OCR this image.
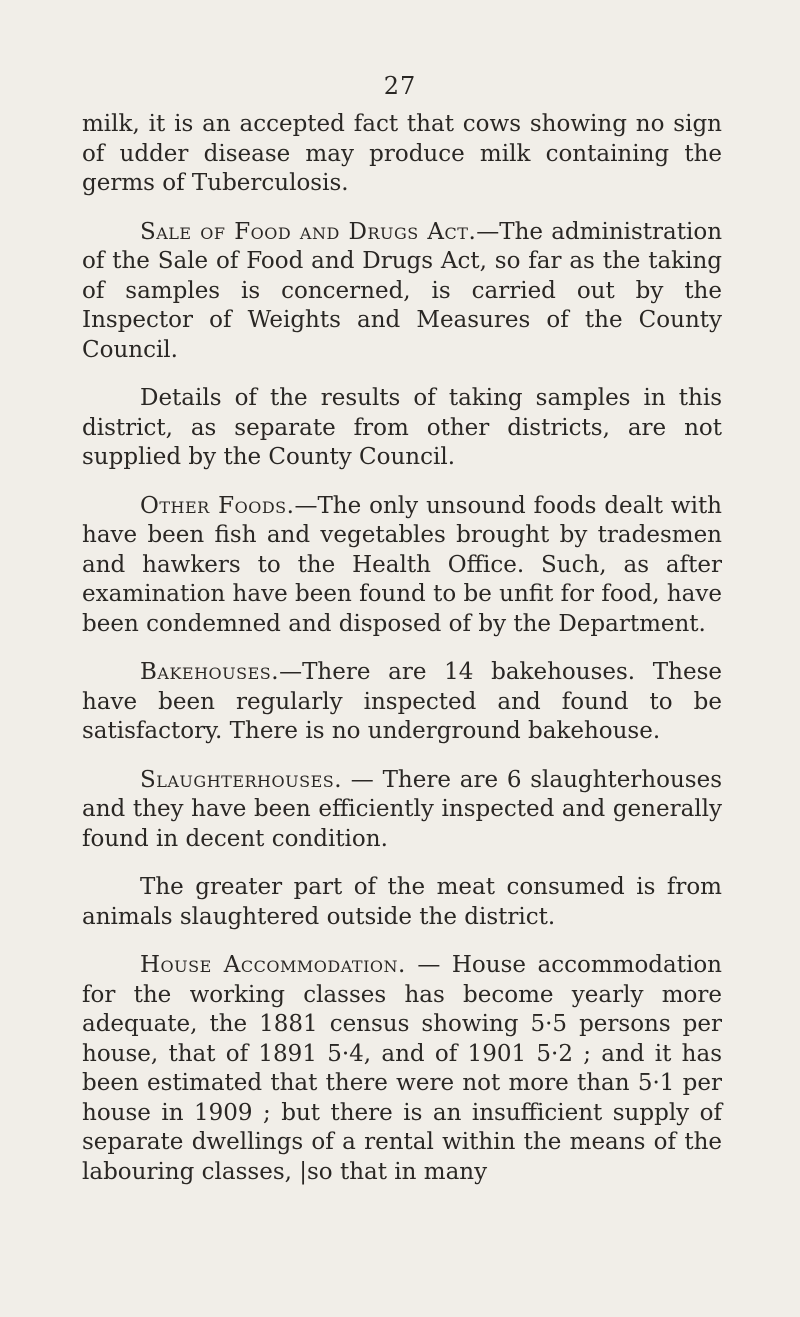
27

milk, it is an accepted fact that cows showing no sign of udder disease may produce milk containing the germs of Tuberculosis.

Sale of Food and Drugs Act.—The administration of the Sale of Food and Drugs Act, so far as the taking of samples is concerned, is carried out by the Inspector of Weights and Measures of the County Council.

Details of the results of taking samples in this district, as separate from other districts, are not supplied by the County Council.

Other Foods.—The only unsound foods dealt with have been fish and vegetables brought by tradesmen and hawkers to the Health Office. Such, as after examination have been found to be unfit for food, have been condemned and disposed of by the Department.

Bakehouses.—There are 14 bakehouses. These have been regularly inspected and found to be satisfactory. There is no underground bakehouse.

Slaughterhouses. — There are 6 slaughterhouses and they have been efficiently inspected and generally found in decent condition.

The greater part of the meat consumed is from animals slaughtered outside the district.

House Accommodation. — House accommodation for the working classes has become yearly more adequate, the 1881 census showing 5·5 persons per house, that of 1891 5·4, and of 1901 5·2 ; and it has been estimated that there were not more than 5·1 per house in 1909 ; but there is an insufficient supply of separate dwellings of a rental within the means of the labouring classes, |so that in many
